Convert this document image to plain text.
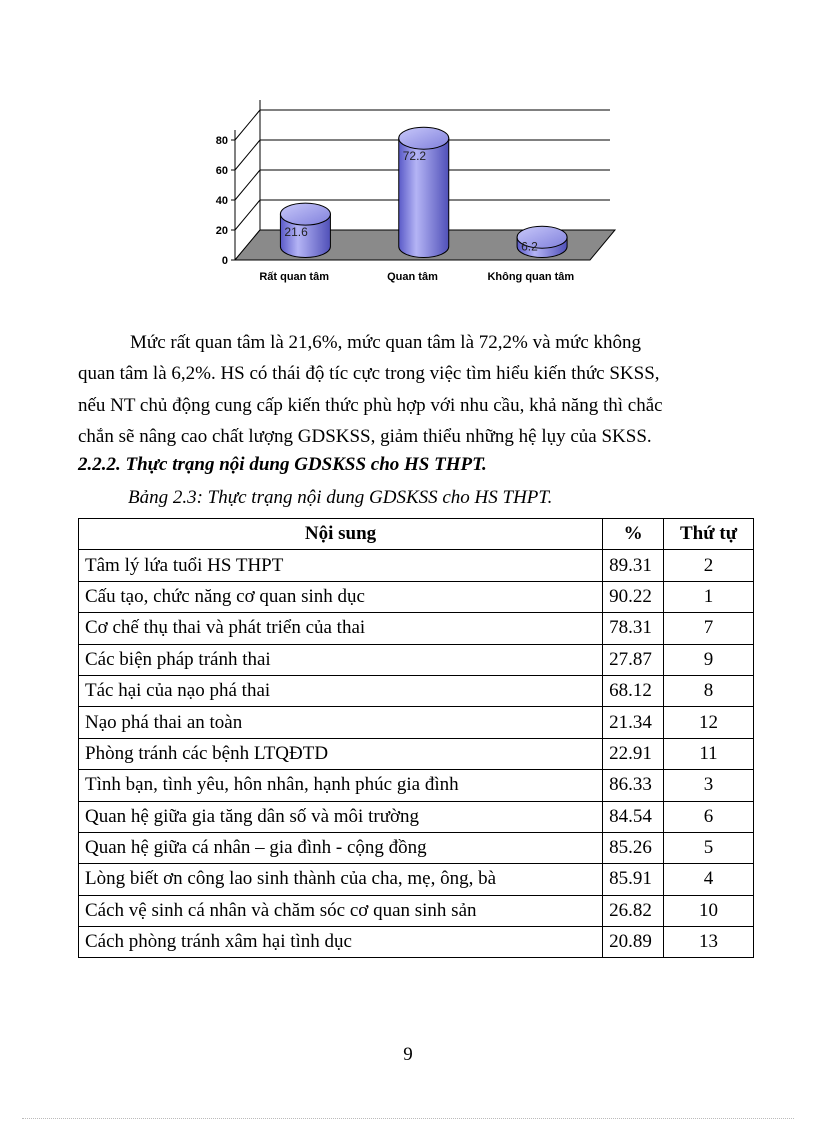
0
20
40
60
80
21.6
72.2
6.2
Rất quan tâm	Quan tâm	Không quan tâm

Mức rất quan tâm là 21,6%, mức quan tâm là 72,2% và mức không

quan tâm là 6,2%. HS có thái độ tíc cực trong việc tìm hiểu kiến thức SKSS,

nếu NT chủ động cung cấp kiến thức phù hợp với nhu cầu, khả năng thì chắc

chắn sẽ nâng cao chất lượng GDSKSS, giảm thiểu những hệ lụy của SKSS.

2.2.2. Thực trạng nội dung GDSKSS cho HS THPT.

Bảng 2.3: Thực trạng nội dung GDSKSS cho HS THPT.

Nội sung	%	Thứ tự
Tâm lý lứa tuổi HS THPT	89.31	2
Cấu tạo, chức năng cơ quan sinh dục	90.22	1
Cơ chế thụ thai và phát triển của thai	78.31	7
Các biện pháp tránh thai	27.87	9
Tác hại của nạo phá thai	68.12	8
Nạo phá thai an toàn	21.34	12
Phòng tránh các bệnh LTQĐTD	22.91	11
Tình bạn, tình yêu, hôn nhân, hạnh phúc gia đình	86.33	3
Quan hệ giữa gia tăng dân số và môi trường	84.54	6
Quan hệ giữa cá nhân – gia đình - cộng đồng	85.26	5
Lòng biết ơn công lao sinh thành của cha, mẹ, ông, bà	85.91	4
Cách vệ sinh cá nhân và chăm sóc cơ quan sinh sản	26.82	10
Cách phòng tránh xâm hại tình dục	20.89	13
9
